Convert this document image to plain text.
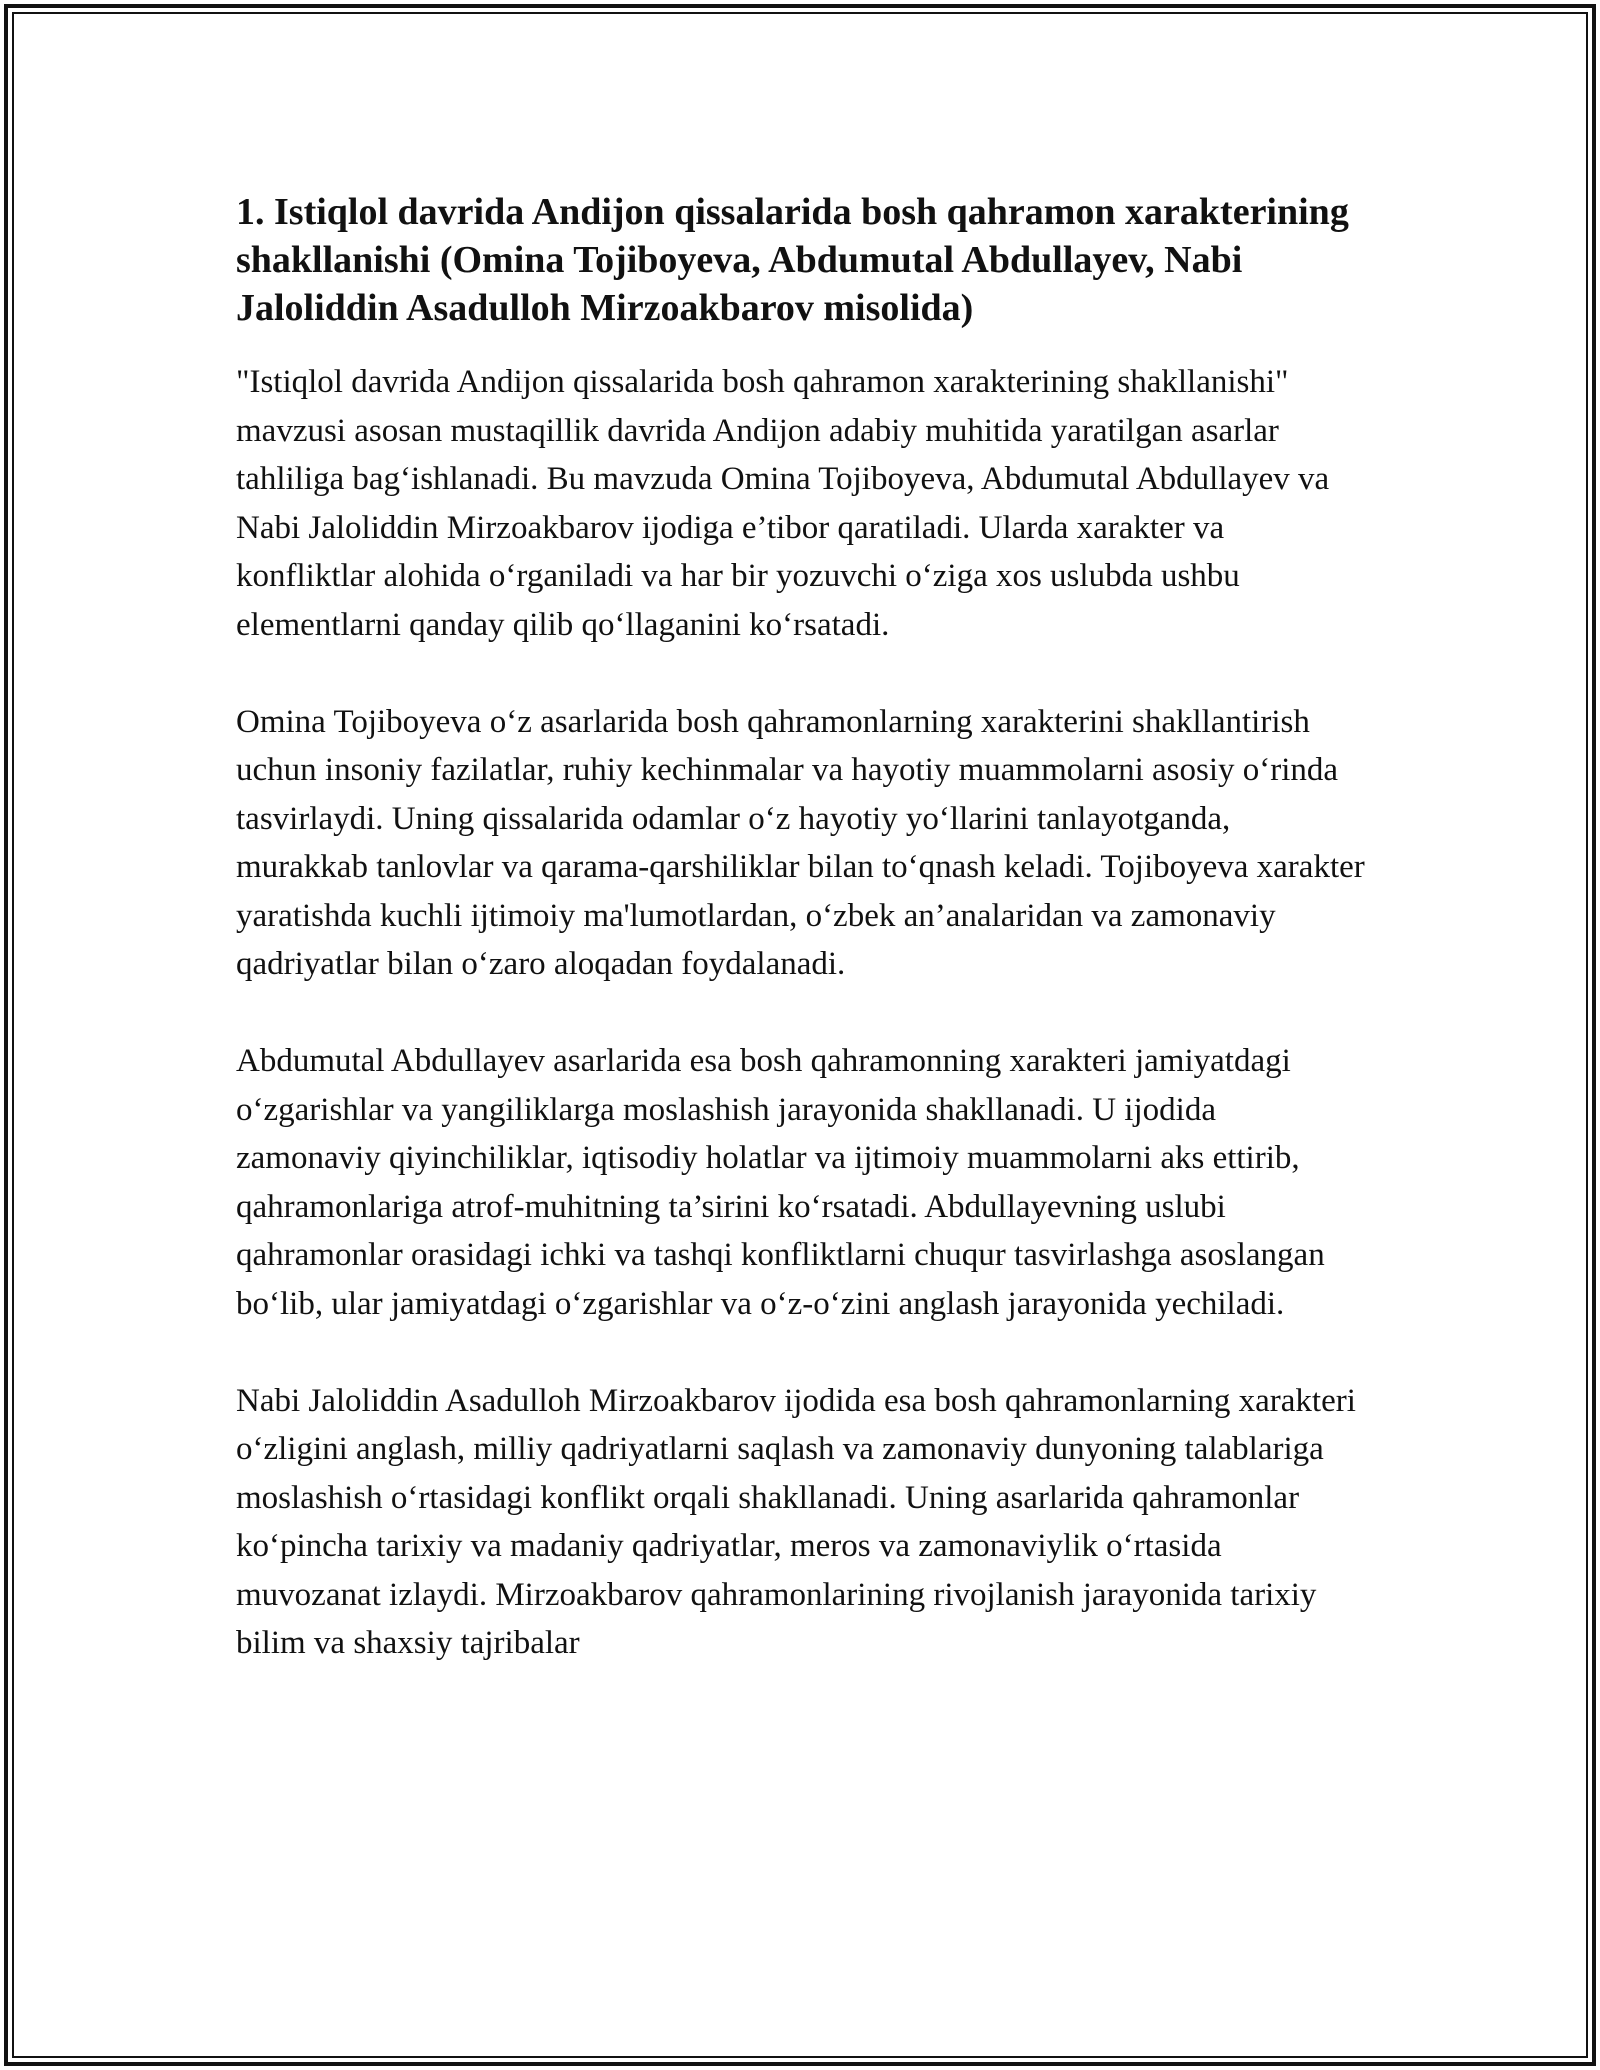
1. Istiqlol davrida Andijon qissalarida bosh qahramon xarakterining shakllanishi (Omina Tojiboyeva, Abdumutal Abdullayev, Nabi Jaloliddin Asadulloh Mirzoakbarov misolida)

"Istiqlol davrida Andijon qissalarida bosh qahramon xarakterining shakllanishi" mavzusi asosan mustaqillik davrida Andijon adabiy muhitida yaratilgan asarlar tahliliga bag‘ishlanadi. Bu mavzuda Omina Tojiboyeva, Abdumutal Abdullayev va Nabi Jaloliddin Mirzoakbarov ijodiga e’tibor qaratiladi. Ularda xarakter va konfliktlar alohida o‘rganiladi va har bir yozuvchi o‘ziga xos uslubda ushbu elementlarni qanday qilib qo‘llaganini ko‘rsatadi.

Omina Tojiboyeva o‘z asarlarida bosh qahramonlarning xarakterini shakllantirish uchun insoniy fazilatlar, ruhiy kechinmalar va hayotiy muammolarni asosiy o‘rinda tasvirlaydi. Uning qissalarida odamlar o‘z hayotiy yo‘llarini tanlayotganda, murakkab tanlovlar va qarama-qarshiliklar bilan to‘qnash keladi. Tojiboyeva xarakter yaratishda kuchli ijtimoiy ma'lumotlardan, o‘zbek an’analaridan va zamonaviy qadriyatlar bilan o‘zaro aloqadan foydalanadi.

Abdumutal Abdullayev asarlarida esa bosh qahramonning xarakteri jamiyatdagi o‘zgarishlar va yangiliklarga moslashish jarayonida shakllanadi. U ijodida zamonaviy qiyinchiliklar, iqtisodiy holatlar va ijtimoiy muammolarni aks ettirib, qahramonlariga atrof-muhitning ta’sirini ko‘rsatadi. Abdullayevning uslubi qahramonlar orasidagi ichki va tashqi konfliktlarni chuqur tasvirlashga asoslangan bo‘lib, ular jamiyatdagi o‘zgarishlar va o‘z-o‘zini anglash jarayonida yechiladi.

Nabi Jaloliddin Asadulloh Mirzoakbarov ijodida esa bosh qahramonlarning xarakteri o‘zligini anglash, milliy qadriyatlarni saqlash va zamonaviy dunyoning talablariga moslashish o‘rtasidagi konflikt orqali shakllanadi. Uning asarlarida qahramonlar ko‘pincha tarixiy va madaniy qadriyatlar, meros va zamonaviylik o‘rtasida muvozanat izlaydi. Mirzoakbarov qahramonlarining rivojlanish jarayonida tarixiy bilim va shaxsiy tajribalar
